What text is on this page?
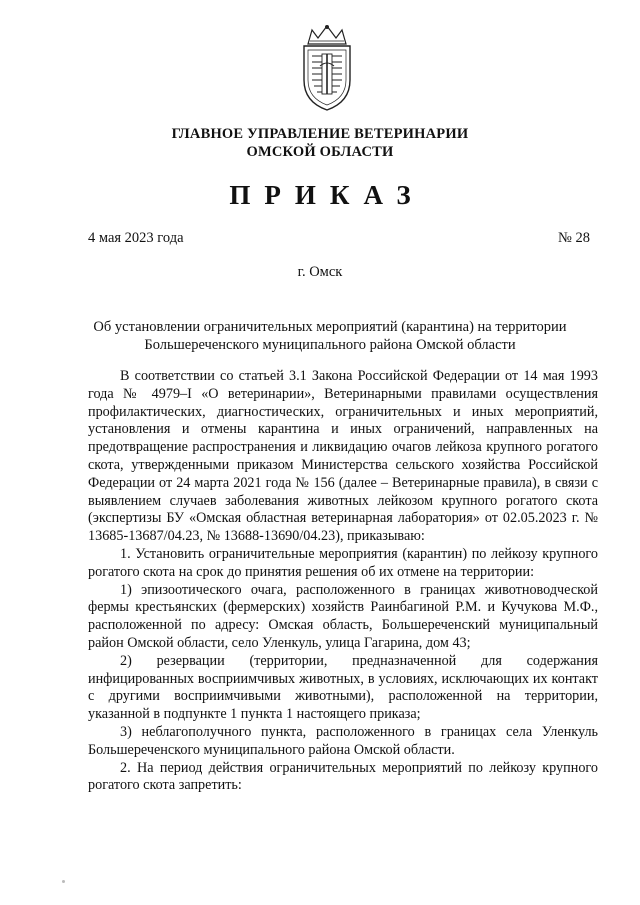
ГЛАВНОЕ УПРАВЛЕНИЕ ВЕТЕРИНАРИИ
ОМСКОЙ ОБЛАСТИ
ПРИКАЗ
4 мая 2023 года	№ 28
г. Омск
Об установлении ограничительных мероприятий (карантина) на территории Большереченского муниципального района Омской области

В соответствии со статьей 3.1 Закона Российской Федерации от 14 мая 1993 года № 4979–I «О ветеринарии», Ветеринарными правилами осуществления профилактических, диагностических, ограничительных и иных мероприятий, установления и отмены карантина и иных ограничений, направленных на предотвращение распространения и ликвидацию очагов лейкоза крупного рогатого скота, утвержденными приказом Министерства сельского хозяйства Российской Федерации от 24 марта 2021 года № 156 (далее – Ветеринарные правила), в связи с выявлением случаев заболевания животных лейкозом крупного рогатого скота (экспертизы БУ «Омская областная ветеринарная лаборатория» от 02.05.2023 г. № 13685-13687/04.23, № 13688-13690/04.23), приказываю:

1. Установить ограничительные мероприятия (карантин) по лейкозу крупного рогатого скота на срок до принятия решения об их отмене на территории:

1) эпизоотического очага, расположенного в границах животноводческой фермы крестьянских (фермерских) хозяйств Раинбагиной Р.М. и Кучукова М.Ф., расположенной по адресу: Омская область, Большереченский муниципальный район Омской области, село Уленкуль, улица Гагарина, дом 43;

2) резервации (территории, предназначенной для содержания инфицированных восприимчивых животных, в условиях, исключающих их контакт с другими восприимчивыми животными), расположенной на территории, указанной в подпункте 1 пункта 1 настоящего приказа;

3) неблагополучного пункта, расположенного в границах села Уленкуль Большереченского муниципального района Омской области.

2. На период действия ограничительных мероприятий по лейкозу крупного рогатого скота запретить:
